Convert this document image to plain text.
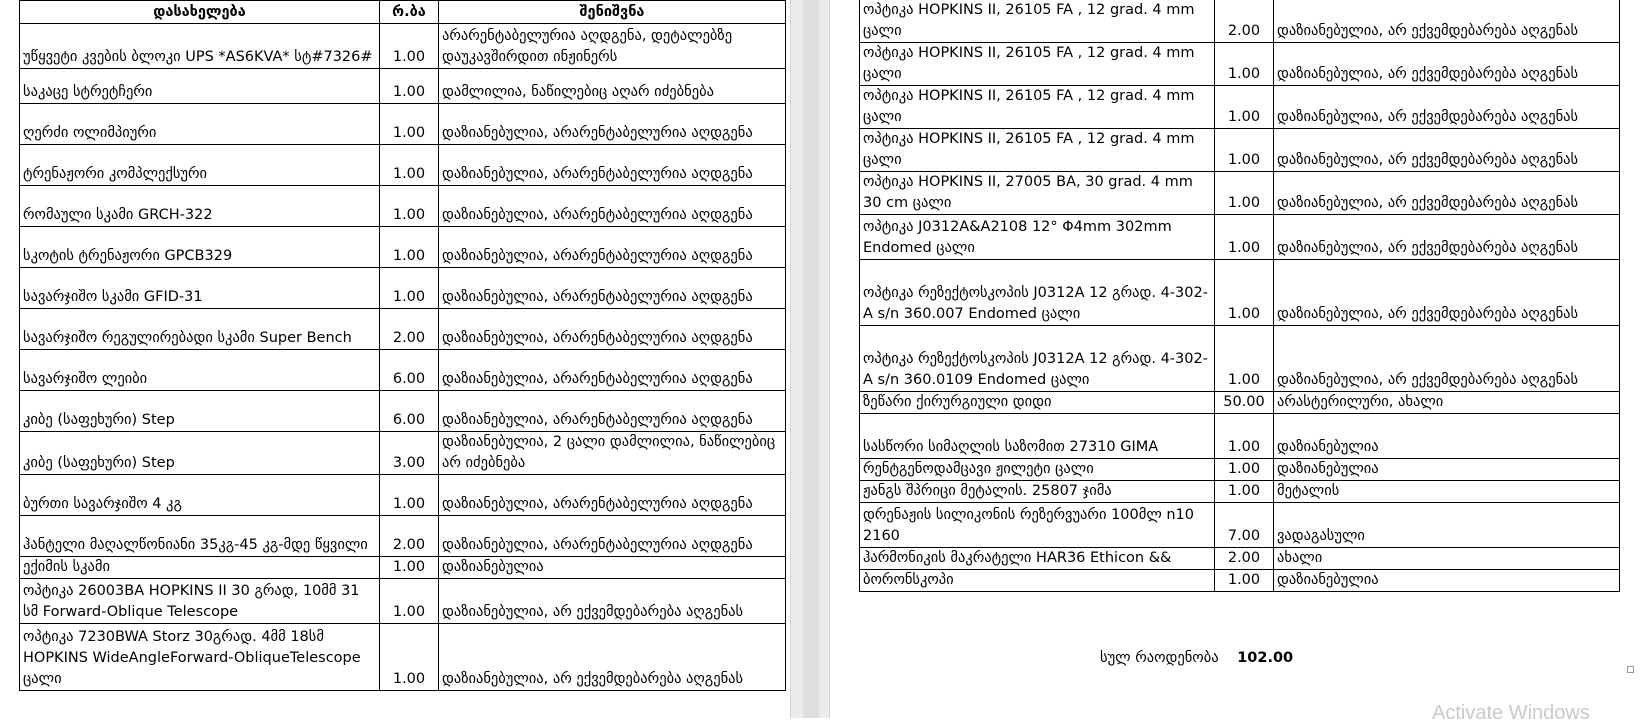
დასახელება	რ.ბა	შენიშვნა
უწყვეტი კვების ბლოკი UPS *AS6KVA* სტ#7326#	1.00	არარენტაბელურია აღდგენა, დეტალებზე დაუკავშირდით ინჟინერს
საკაცე სტრეტჩერი	1.00	დამლილია, ნაწილებიც აღარ იძებნება
ღერძი ოლიმპიური	1.00	დაზიანებულია, არარენტაბელურია აღდგენა
ტრენაჟორი კომპლექსური	1.00	დაზიანებულია, არარენტაბელურია აღდგენა
რომაული სკამი GRCH-322	1.00	დაზიანებულია, არარენტაბელურია აღდგენა
სკოტის ტრენაჟორი GPCB329	1.00	დაზიანებულია, არარენტაბელურია აღდგენა
სავარჯიშო სკამი GFID-31	1.00	დაზიანებულია, არარენტაბელურია აღდგენა
სავარჯიშო რეგულირებადი სკამი Super Bench	2.00	დაზიანებულია, არარენტაბელურია აღდგენა
სავარჯიშო ლეიბი	6.00	დაზიანებულია, არარენტაბელურია აღდგენა
კიბე (საფეხური) Step	6.00	დაზიანებულია, არარენტაბელურია აღდგენა
კიბე (საფეხური) Step	3.00	დაზიანებულია, 2 ცალი დამლილია, ნაწილებიც არ იძებნება
ბურთი სავარჯიშო 4 კგ	1.00	დაზიანებულია, არარენტაბელურია აღდგენა
ჰანტელი მაღალწონიანი 35კგ-45 კგ-მდე წყვილი	2.00	დაზიანებულია, არარენტაბელურია აღდგენა
ექიმის სკამი	1.00	დაზიანებულია
ოპტიკა 26003BA HOPKINS II 30 გრად, 10მმ 31 სმ Forward-Oblique Telescope	1.00	დაზიანებულია, არ ექვემდებარება აღგენას
ოპტიკა 7230BWA Storz 30გრად. 4მმ 18სმ HOPKINS WideAngleForward-ObliqueTelescope ცალი	1.00	დაზიანებულია, არ ექვემდებარება აღგენას
ოპტიკა HOPKINS II, 26105 FA , 12 grad. 4 mm ცალი	2.00	დაზიანებულია, არ ექვემდებარება აღგენას
ოპტიკა HOPKINS II, 26105 FA , 12 grad. 4 mm ცალი	1.00	დაზიანებულია, არ ექვემდებარება აღგენას
ოპტიკა HOPKINS II, 26105 FA , 12 grad. 4 mm ცალი	1.00	დაზიანებულია, არ ექვემდებარება აღგენას
ოპტიკა HOPKINS II, 26105 FA , 12 grad. 4 mm ცალი	1.00	დაზიანებულია, არ ექვემდებარება აღგენას
ოპტიკა HOPKINS II, 27005 BA, 30 grad. 4 mm 30 cm ცალი	1.00	დაზიანებულია, არ ექვემდებარება აღგენას
ოპტიკა J0312A&A2108 12° Φ4mm 302mm Endomed ცალი	1.00	დაზიანებულია, არ ექვემდებარება აღგენას
ოპტიკა რეზექტოსკოპის J0312A 12 გრად. 4-302-A s/n 360.007 Endomed ცალი	1.00	დაზიანებულია, არ ექვემდებარება აღგენას
ოპტიკა რეზექტოსკოპის J0312A 12 გრად. 4-302-A s/n 360.0109 Endomed ცალი	1.00	დაზიანებულია, არ ექვემდებარება აღგენას
ზეწარი ქირურგიული დიდი	50.00	არასტერილური, ახალი
სასწორი სიმაღლის საზომით 27310 GIMA	1.00	დაზიანებულია
რენტგენოდამცავი ჟილეტი ცალი	1.00	დაზიანებულია
ჟანგს შპრიცი მეტალის. 25807 ჯიმა	1.00	მეტალის
დრენაჟის სილიკონის რეზერვუარი 100მლ n10 2160	7.00	ვადაგასული
ჰარმონიკის მაკრატელი HAR36 Ethicon &&	2.00	ახალი
ბორონსკოპი	1.00	დაზიანებულია
სულ რაოდენობა 102.00
Activate Windows
